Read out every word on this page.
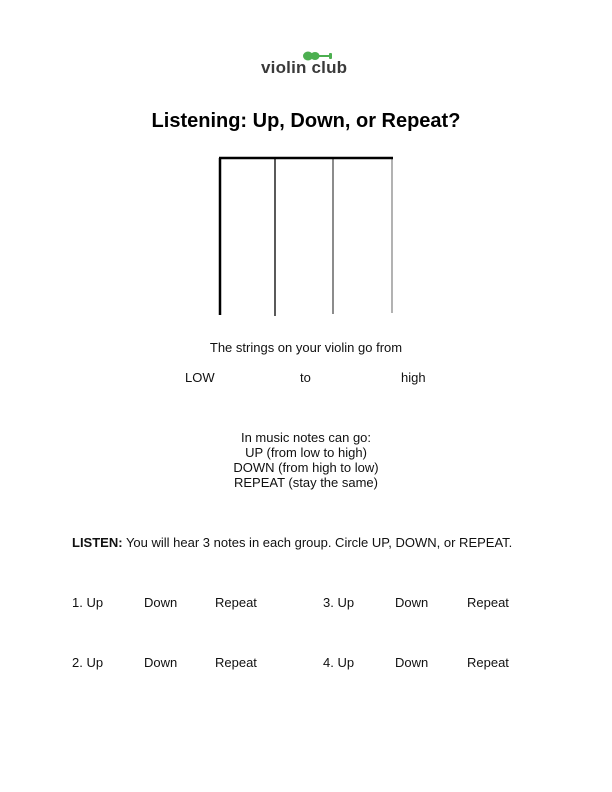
violin club
Listening: Up, Down, or Repeat?
The strings on your violin go from
LOW	to	high
In music notes can go:
UP (from low to high)
DOWN (from high to low)
REPEAT (stay the same)
LISTEN: You will hear 3 notes in each group. Circle UP, DOWN, or REPEAT.
1. Up	Down	Repeat	3. Up	Down	Repeat
2. Up	Down	Repeat	4. Up	Down	Repeat
